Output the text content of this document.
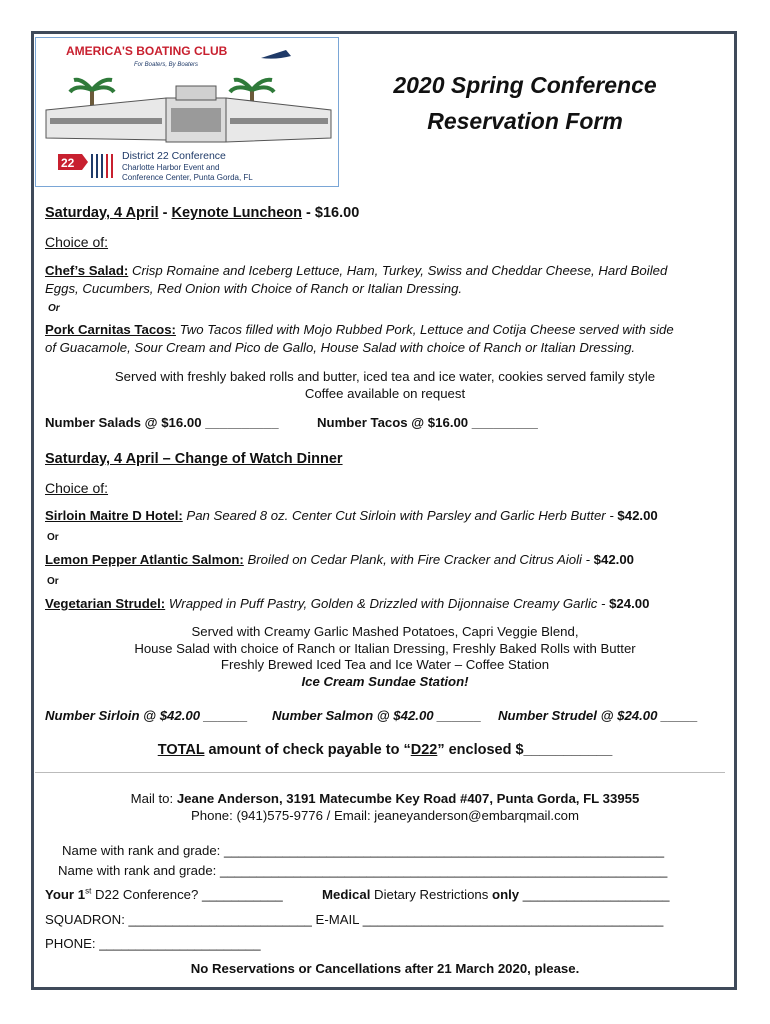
AMERICA'S BOATING CLUB
For Boaters, By Boaters
22	District 22 Conference
Charlotte Harbor Event and
Conference Center, Punta Gorda, FL
2020 Spring Conference
Reservation Form
Saturday, 4 April - Keynote Luncheon - $16.00
Choice of:
Chef’s Salad: Crisp Romaine and Iceberg Lettuce, Ham, Turkey, Swiss and Cheddar Cheese, Hard Boiled
Eggs, Cucumbers, Red Onion with Choice of Ranch or Italian Dressing.
Or
Pork Carnitas Tacos: Two Tacos filled with Mojo Rubbed Pork, Lettuce and Cotija Cheese served with side
of Guacamole, Sour Cream and Pico de Gallo, House Salad with choice of Ranch or Italian Dressing.
Served with freshly baked rolls and butter, iced tea and ice water, cookies served family style
Coffee available on request
Number Salads @ $16.00 __________	Number Tacos @ $16.00 _________
Saturday, 4 April – Change of Watch Dinner
Choice of:
Sirloin Maitre D Hotel: Pan Seared 8 oz. Center Cut Sirloin with Parsley and Garlic Herb Butter - $42.00
Or
Lemon Pepper Atlantic Salmon: Broiled on Cedar Plank, with Fire Cracker and Citrus Aioli - $42.00
Or
Vegetarian Strudel: Wrapped in Puff Pastry, Golden & Drizzled with Dijonnaise Creamy Garlic - $24.00
Served with Creamy Garlic Mashed Potatoes, Capri Veggie Blend,
House Salad with choice of Ranch or Italian Dressing, Freshly Baked Rolls with Butter
Freshly Brewed Iced Tea and Ice Water – Coffee Station
Ice Cream Sundae Station!
Number Sirloin @ $42.00 ______ Number Salmon @ $42.00 ______ Number Strudel @ $24.00 _____
TOTAL amount of check payable to “D22” enclosed $___________
Mail to: Jeane Anderson, 3191 Matecumbe Key Road #407, Punta Gorda, FL 33955
Phone: (941)575-9776 / Email: jeaneyanderson@embarqmail.com
Name with rank and grade: ____________________________________________________________
Name with rank and grade: _____________________________________________________________
Your 1st D22 Conference? ___________	Medical Dietary Restrictions only ____________________
SQUADRON: _________________________ E-MAIL _________________________________________
PHONE: ______________________
No Reservations or Cancellations after 21 March 2020, please.
